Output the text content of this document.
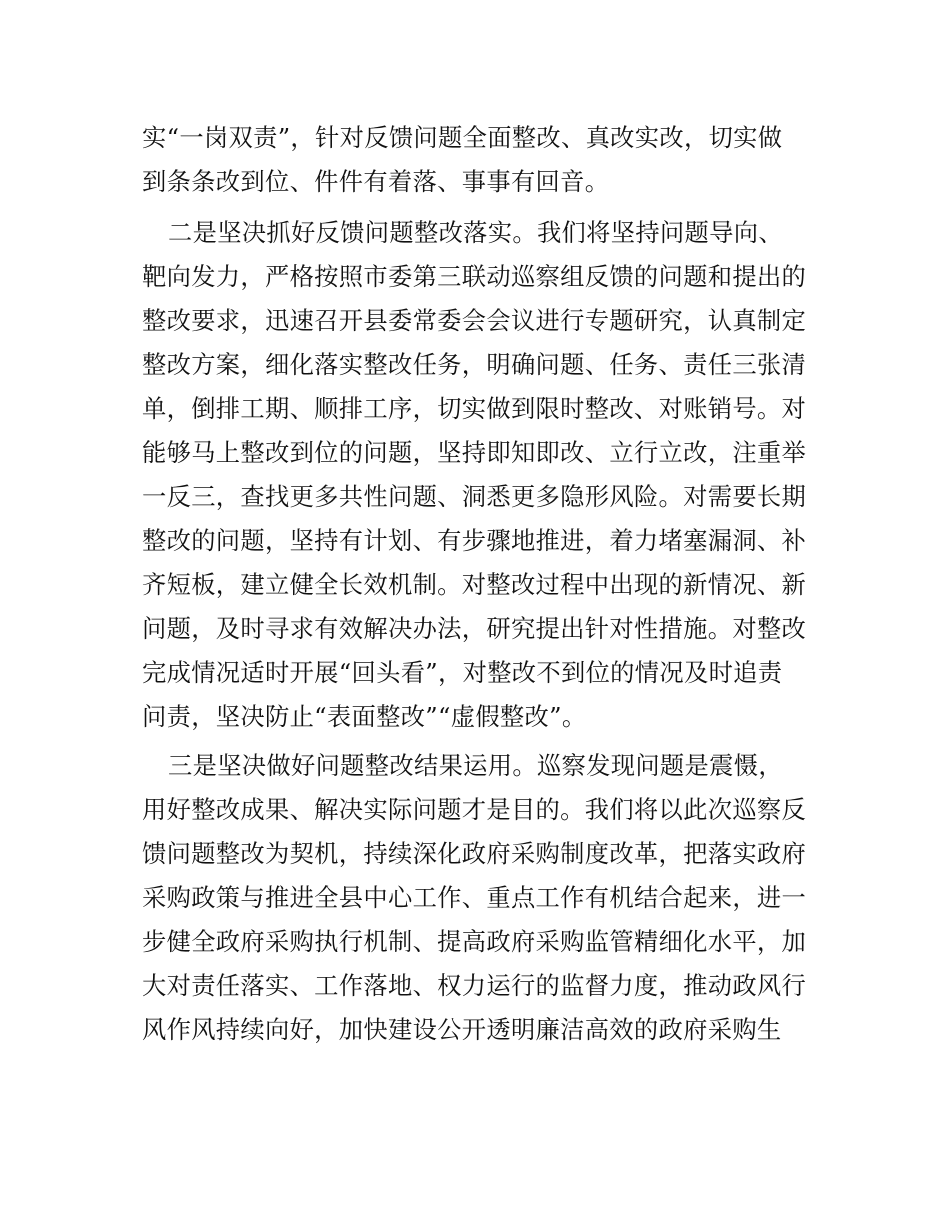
实“一岗双责”，针对反馈问题全面整改、真改实改，切实做
到条条改到位、件件有着落、事事有回音。
二是坚决抓好反馈问题整改落实。我们将坚持问题导向、
靶向发力，严格按照市委第三联动巡察组反馈的问题和提出的
整改要求，迅速召开县委常委会会议进行专题研究，认真制定
整改方案，细化落实整改任务，明确问题、任务、责任三张清
单，倒排工期、顺排工序，切实做到限时整改、对账销号。对
能够马上整改到位的问题，坚持即知即改、立行立改，注重举
一反三，查找更多共性问题、洞悉更多隐形风险。对需要长期
整改的问题，坚持有计划、有步骤地推进，着力堵塞漏洞、补
齐短板，建立健全长效机制。对整改过程中出现的新情况、新
问题，及时寻求有效解决办法，研究提出针对性措施。对整改
完成情况适时开展“回头看”，对整改不到位的情况及时追责
问责，坚决防止“表面整改”“虚假整改”。
三是坚决做好问题整改结果运用。巡察发现问题是震慑，
用好整改成果、解决实际问题才是目的。我们将以此次巡察反
馈问题整改为契机，持续深化政府采购制度改革，把落实政府
采购政策与推进全县中心工作、重点工作有机结合起来，进一
步健全政府采购执行机制、提高政府采购监管精细化水平，加
大对责任落实、工作落地、权力运行的监督力度，推动政风行
风作风持续向好，加快建设公开透明廉洁高效的政府采购生
